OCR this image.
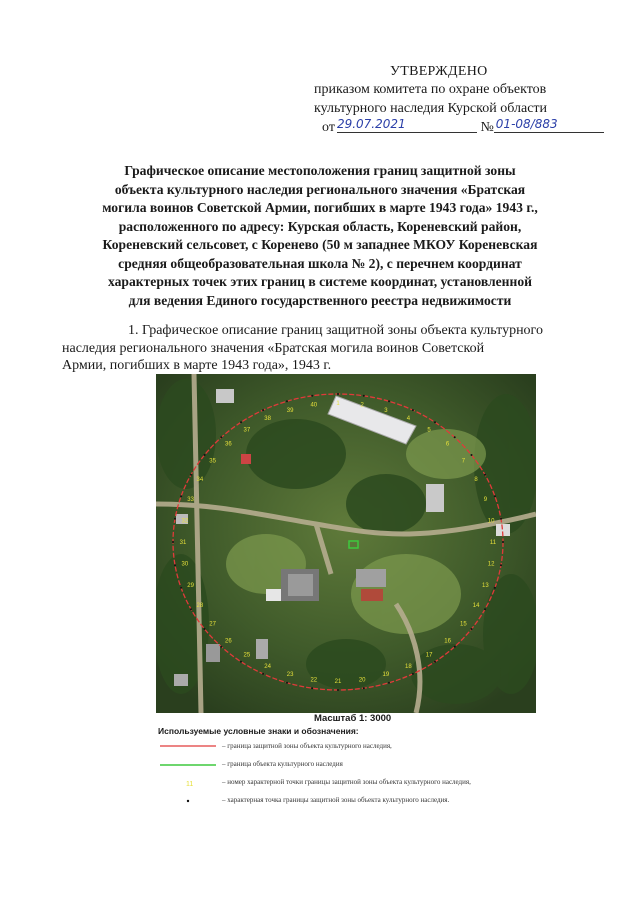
УТВЕРЖДЕНО
приказом комитета по охране объектов
культурного наследия Курской области
от 29.07.2021	№ 01-08/883
Графическое описание местоположения границ защитной зоны
объекта культурного наследия регионального значения «Братская
могила воинов Советской Армии, погибших в марте 1943 года» 1943 г.,
расположенного по адресу: Курская область, Кореневский район,
Кореневский сельсовет, с Коренево (50 м западнее МКОУ Кореневская
средняя общеобразовательная школа № 2), с перечнем координат
характерных точек этих границ в системе координат, установленной
для ведения Единого государственного реестра недвижимости
1. Графическое описание границ защитной зоны объекта культурного
наследия регионального значения «Братская могила воинов Советской
Армии, погибших в марте 1943 года», 1943 г.
1	2
3
4
5
6
7
8
9
10
11
12
13
14
15
16
17
18
19
20
21
22
23
24
25
26
27
28
29
30
31
32
33
34
35
36
37
38
39
40
Масштаб 1: 3000
Используемые условные знаки и обозначения:
– граница защитной зоны объекта культурного наследия,
– граница объекта культурного наследия
11	– номер характерной точки границы защитной зоны объекта культурного наследия,
– характерная точка границы защитной зоны объекта культурного наследия.
